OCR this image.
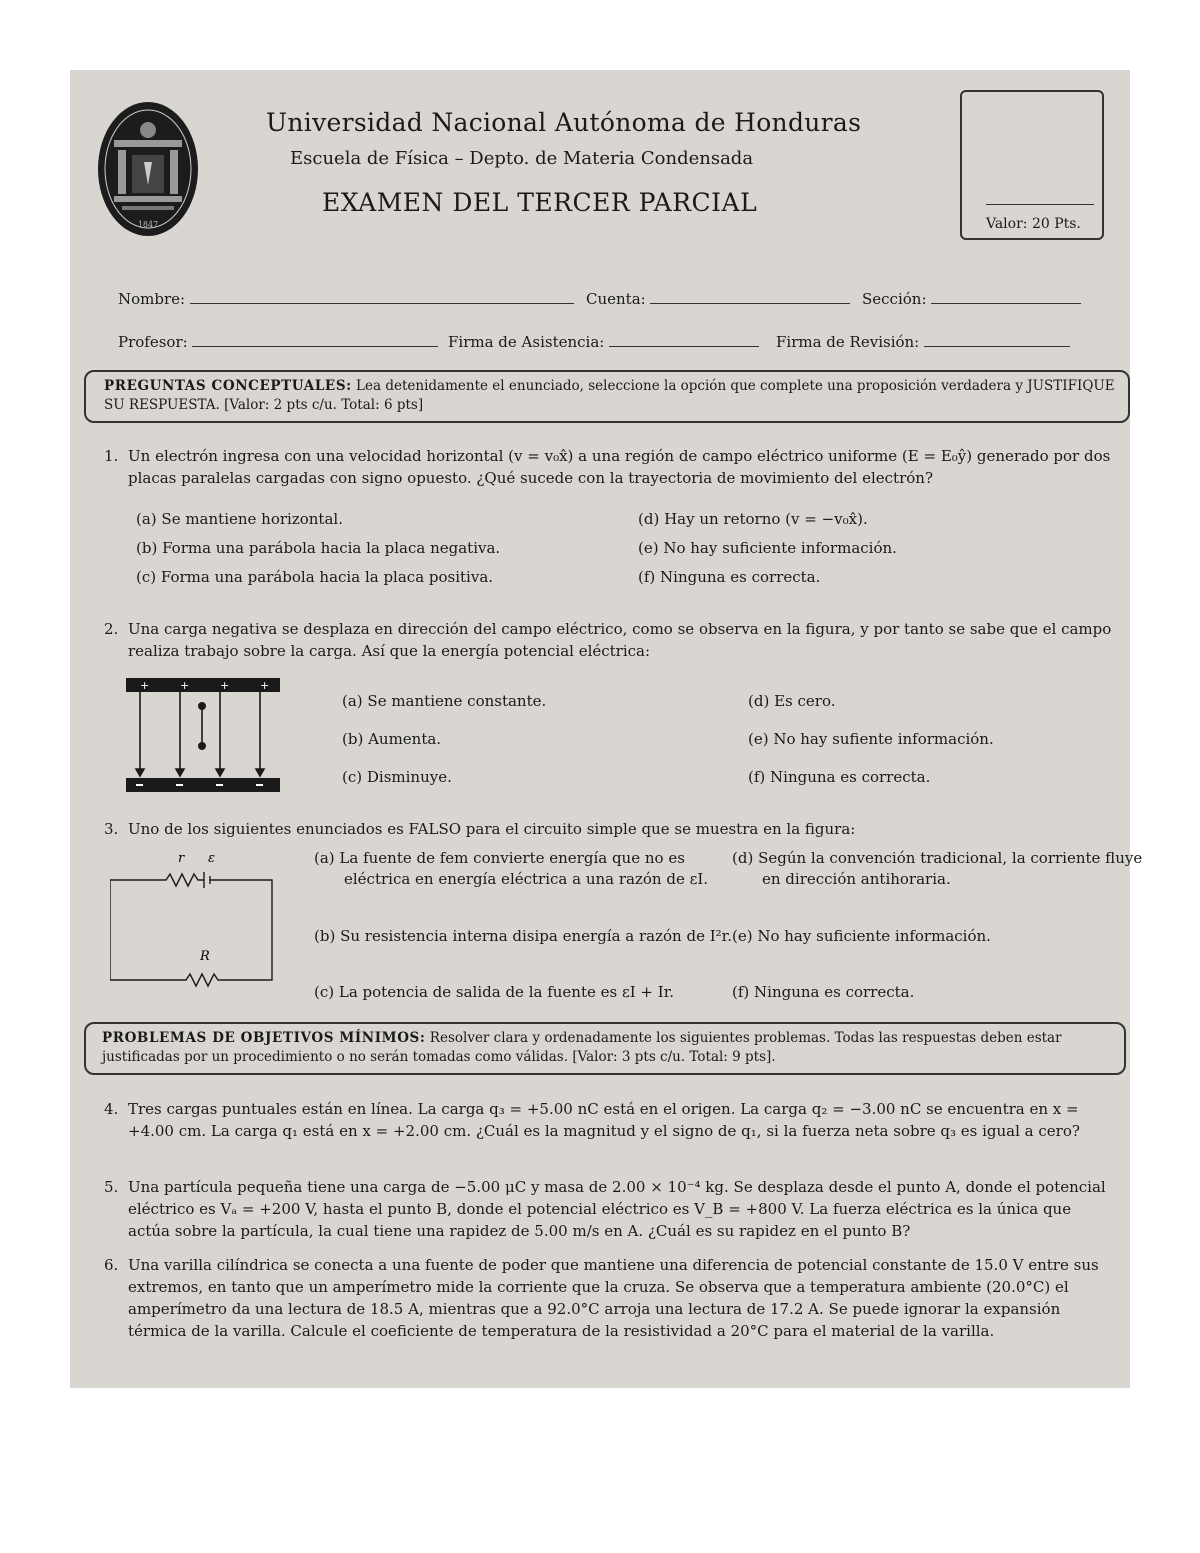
1847
Universidad Nacional Autónoma de Honduras
Escuela de Física – Depto. de Materia Condensada
EXAMEN DEL TERCER PARCIAL
Valor: 20 Pts.
Nombre:	Cuenta:	Sección:
Profesor:	Firma de Asistencia:	Firma de Revisión:
PREGUNTAS CONCEPTUALES: Lea detenidamente el enunciado, seleccione la opción que complete una proposición verdadera y JUSTIFIQUE SU RESPUESTA. [Valor: 2 pts c/u. Total: 6 pts]
1. Un electrón ingresa con una velocidad horizontal (v = v₀x̂) a una región de campo eléctrico uniforme (E = E₀ŷ) generado por dos placas paralelas cargadas con signo opuesto. ¿Qué sucede con la trayectoria de movimiento del electrón?
(a) Se mantiene horizontal.
(b) Forma una parábola hacia la placa negativa.
(c) Forma una parábola hacia la placa positiva.
(d) Hay un retorno (v = −v₀x̂).
(e) No hay suficiente información.
(f) Ninguna es correcta.
2. Una carga negativa se desplaza en dirección del campo eléctrico, como se observa en la figura, y por tanto se sabe que el campo realiza trabajo sobre la carga. Así que la energía potencial eléctrica:
+	+	+	+
(a) Se mantiene constante.
(b) Aumenta.
(c) Disminuye.
(d) Es cero.
(e) No hay sufiente información.
(f) Ninguna es correcta.
3. Uno de los siguientes enunciados es FALSO para el circuito simple que se muestra en la figura:
r ε
R
(a) La fuente de fem convierte energía que no es eléctrica en energía eléctrica a una razón de εI.
(b) Su resistencia interna disipa energía a razón de I²r.
(c) La potencia de salida de la fuente es εI + Ir.
(d) Según la convención tradicional, la corriente fluye en dirección antihoraria.
(e) No hay suficiente información.
(f) Ninguna es correcta.
PROBLEMAS DE OBJETIVOS MÍNIMOS: Resolver clara y ordenadamente los siguientes problemas. Todas las respuestas deben estar justificadas por un procedimiento o no serán tomadas como válidas. [Valor: 3 pts c/u. Total: 9 pts].
4. Tres cargas puntuales están en línea. La carga q₃ = +5.00 nC está en el origen. La carga q₂ = −3.00 nC se encuentra en x = +4.00 cm. La carga q₁ está en x = +2.00 cm. ¿Cuál es la magnitud y el signo de q₁, si la fuerza neta sobre q₃ es igual a cero?
5. Una partícula pequeña tiene una carga de −5.00 μC y masa de 2.00 × 10⁻⁴ kg. Se desplaza desde el punto A, donde el potencial eléctrico es Vₐ = +200 V, hasta el punto B, donde el potencial eléctrico es V_B = +800 V. La fuerza eléctrica es la única que actúa sobre la partícula, la cual tiene una rapidez de 5.00 m/s en A. ¿Cuál es su rapidez en el punto B?
6. Una varilla cilíndrica se conecta a una fuente de poder que mantiene una diferencia de potencial constante de 15.0 V entre sus extremos, en tanto que un amperímetro mide la corriente que la cruza. Se observa que a temperatura ambiente (20.0°C) el amperímetro da una lectura de 18.5 A, mientras que a 92.0°C arroja una lectura de 17.2 A. Se puede ignorar la expansión térmica de la varilla. Calcule el coeficiente de temperatura de la resistividad a 20°C para el material de la varilla.
